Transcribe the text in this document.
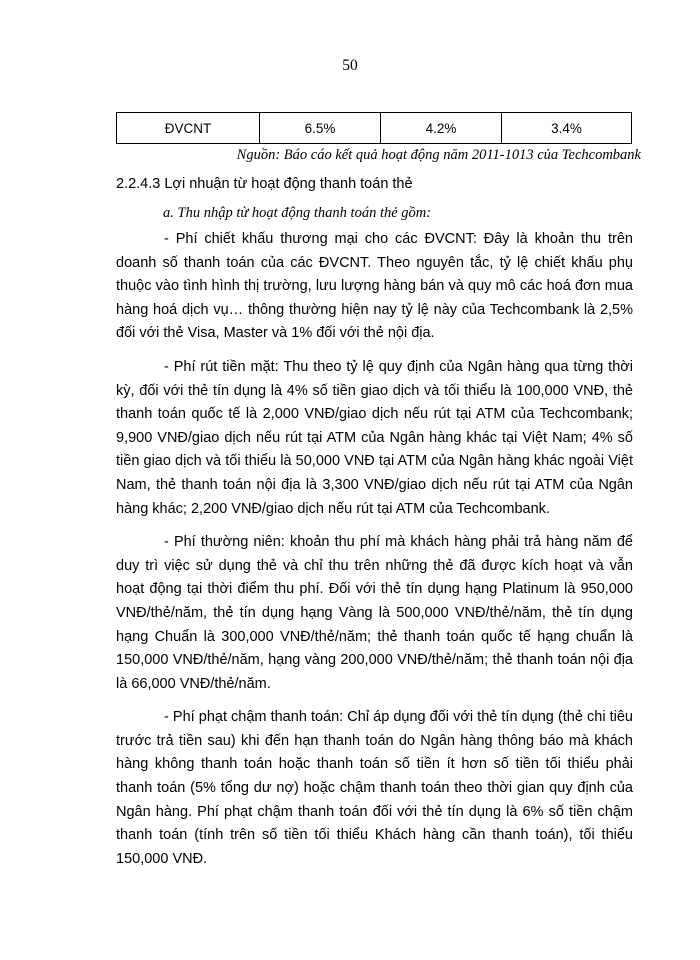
50
ĐVCNT	6.5%	4.2%	3.4%
Nguồn: Báo cáo kết quả hoạt động năm 2011-1013 của Techcombank
2.2.4.3 Lợi nhuận từ hoạt động thanh toán thẻ
a. Thu nhập từ hoạt động thanh toán thẻ gồm:

- Phí chiết khấu thương mại cho các ĐVCNT: Đây là khoản thu trên doanh số thanh toán của các ĐVCNT. Theo nguyên tắc, tỷ lệ chiết khấu phụ thuộc vào tình hình thị trường, lưu lượng hàng bán và quy mô các hoá đơn mua hàng hoá dịch vụ… thông thường hiện nay tỷ lệ này của Techcombank là 2,5% đối với thẻ Visa, Master và 1% đối với thẻ nội địa.

- Phí rút tiền mặt: Thu theo tỷ lệ quy định của Ngân hàng qua từng thời kỳ, đối với thẻ tín dụng là 4% số tiền giao dịch và tối thiểu là 100,000 VNĐ, thẻ thanh toán quốc tế là 2,000 VNĐ/giao dịch nếu rút tại ATM của Techcombank; 9,900 VNĐ/giao dịch nếu rút tại ATM của Ngân hàng khác tại Việt Nam; 4% số tiền giao dịch và tối thiểu là 50,000 VNĐ tại ATM của Ngân hàng khác ngoài Việt Nam, thẻ thanh toán nội địa là 3,300 VNĐ/giao dịch nếu rút tại ATM của Ngân hàng khác; 2,200 VNĐ/giao dịch nếu rút tại ATM của Techcombank.

- Phí thường niên: khoản thu phí mà khách hàng phải trả hàng năm để duy trì việc sử dụng thẻ và chỉ thu trên những thẻ đã được kích hoạt và vẫn hoạt động tại thời điểm thu phí. Đối với thẻ tín dụng hạng Platinum là 950,000 VNĐ/thẻ/năm, thẻ tín dụng hạng Vàng là 500,000 VNĐ/thẻ/năm, thẻ tín dụng hạng Chuẩn là 300,000 VNĐ/thẻ/năm; thẻ thanh toán quốc tế hạng chuẩn là 150,000 VNĐ/thẻ/năm, hạng vàng 200,000 VNĐ/thẻ/năm; thẻ thanh toán nội địa là 66,000 VNĐ/thẻ/năm.

- Phí phạt chậm thanh toán: Chỉ áp dụng đối với thẻ tín dụng (thẻ chi tiêu trước trả tiền sau) khi đến hạn thanh toán do Ngân hàng thông báo mà khách hàng không thanh toán hoặc thanh toán số tiền ít hơn số tiền tối thiểu phải thanh toán (5% tổng dư nợ) hoặc chậm thanh toán theo thời gian quy định của Ngân hàng. Phí phạt chậm thanh toán đối với thẻ tín dụng là 6% số tiền chậm thanh toán (tính trên số tiền tối thiểu Khách hàng cần thanh toán), tối thiểu 150,000 VNĐ.
